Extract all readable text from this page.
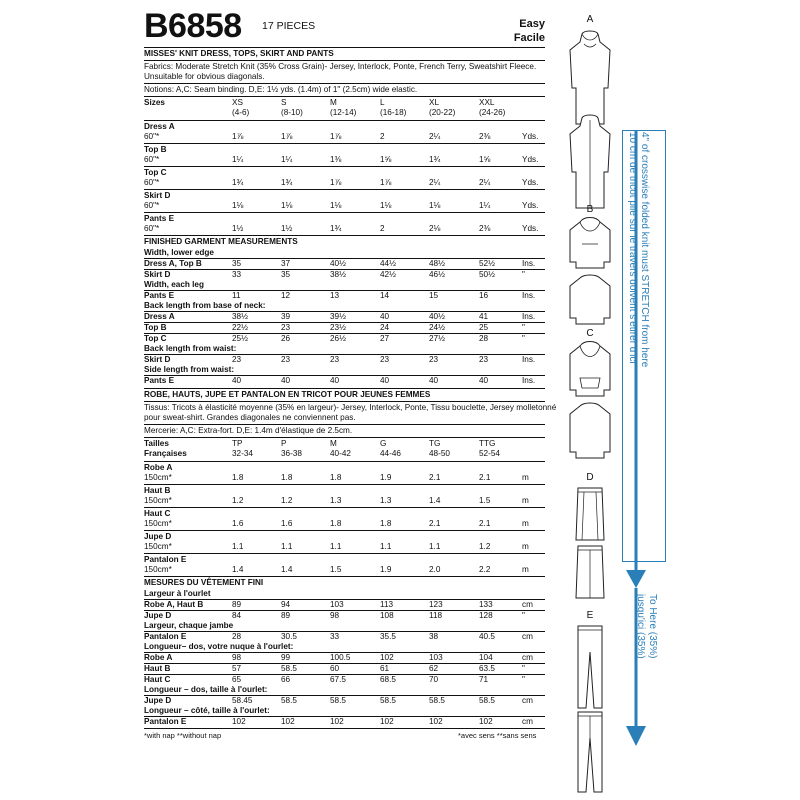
B6858 17 PIECES	Easy
Facile
MISSES' KNIT DRESS, TOPS, SKIRT AND PANTS
Fabrics: Moderate Stretch Knit (35% Cross Grain)- Jersey, Interlock, Ponte, French Terry, Sweatshirt Fleece.
Unsuitable for obvious diagonals.
Notions: A,C: Seam binding. D,E: 1½ yds. (1.4m) of 1" (2.5cm) wide elastic.
Sizes	XS	S	M	L	XL	XXL
(4-6)	(8-10)	(12-14)	(16-18)	(20-22)	(24-26)
Dress A
60"*	1⅞	1⅞	1⅞	2	2¼	2⅜	Yds.
Top B
60"*	1¼	1¼	1⅜	1⅝	1¾	1⅝	Yds.
Top C
60"*	1¾	1¾	1⅞	1⅞	2¼	2¼	Yds.
Skirt D
60"*	1⅛	1⅛	1⅛	1⅛	1⅛	1¼	Yds.
Pants E
60"*	1½	1½	1¾	2	2⅛	2⅜	Yds.
FINISHED GARMENT MEASUREMENTS
Width, lower edge
Dress A, Top B	35	37	40½	44½	48½	52½	Ins.
Skirt D	33	35	38½	42½	46½	50½	"
Width, each leg
Pants E	11	12	13	14	15	16	Ins.
Back length from base of neck:
Dress A	38½	39	39½	40	40½	41	Ins.
Top B	22½	23	23½	24	24½	25	"
Top C	25½	26	26½	27	27½	28	"
Back length from waist:
Skirt D	23	23	23	23	23	23	Ins.
Side length from waist:
Pants E	40	40	40	40	40	40	Ins.
ROBE, HAUTS, JUPE ET PANTALON EN TRICOT POUR JEUNES FEMMES
Tissus: Tricots à élasticité moyenne (35% en largeur)- Jersey, Interlock, Ponte, Tissu bouclette, Jersey molletonné
pour sweat-shirt. Grandes diagonales ne conviennent pas.
Mercerie: A,C: Extra-fort. D,E: 1.4m d'élastique de 2.5cm.
Tailles	TP	P	M	G	TG	TTG
Françaises	32-34	36-38	40-42	44-46	48-50	52-54
Robe A
150cm*	1.8	1.8	1.8	1.9	2.1	2.1	m
Haut B
150cm*	1.2	1.2	1.3	1.3	1.4	1.5	m
Haut C
150cm*	1.6	1.6	1.8	1.8	2.1	2.1	m
Jupe D
150cm*	1.1	1.1	1.1	1.1	1.1	1.2	m
Pantalon E
150cm*	1.4	1.4	1.5	1.9	2.0	2.2	m
MESURES DU VÊTEMENT FINI
Largeur à l'ourlet
Robe A, Haut B	89	94	103	113	123	133	cm
Jupe D	84	89	98	108	118	128	"
Largeur, chaque jambe
Pantalon E	28	30.5	33	35.5	38	40.5	cm
Longueur– dos, votre nuque à l'ourlet:
Robe A	98	99	100.5	102	103	104	cm
Haut B	57	58.5	60	61	62	63.5	"
Haut C	65	66	67.5	68.5	70	71	"
Longueur – dos, taille à l'ourlet:
Jupe D	58.45	58.5	58.5	58.5	58.5	58.5	cm
Longueur – côté, taille à l'ourlet:
Pantalon E	102	102	102	102	102	102	cm
*with nap **without nap	*avec sens **sans sens
A
B
C
D
E
4" of crosswise folded knit must STRETCH from here
10 cm de tricot plié sur le travers doivent s'étirer d'ici
To Here (35%)
jusqu'ici (35%)
